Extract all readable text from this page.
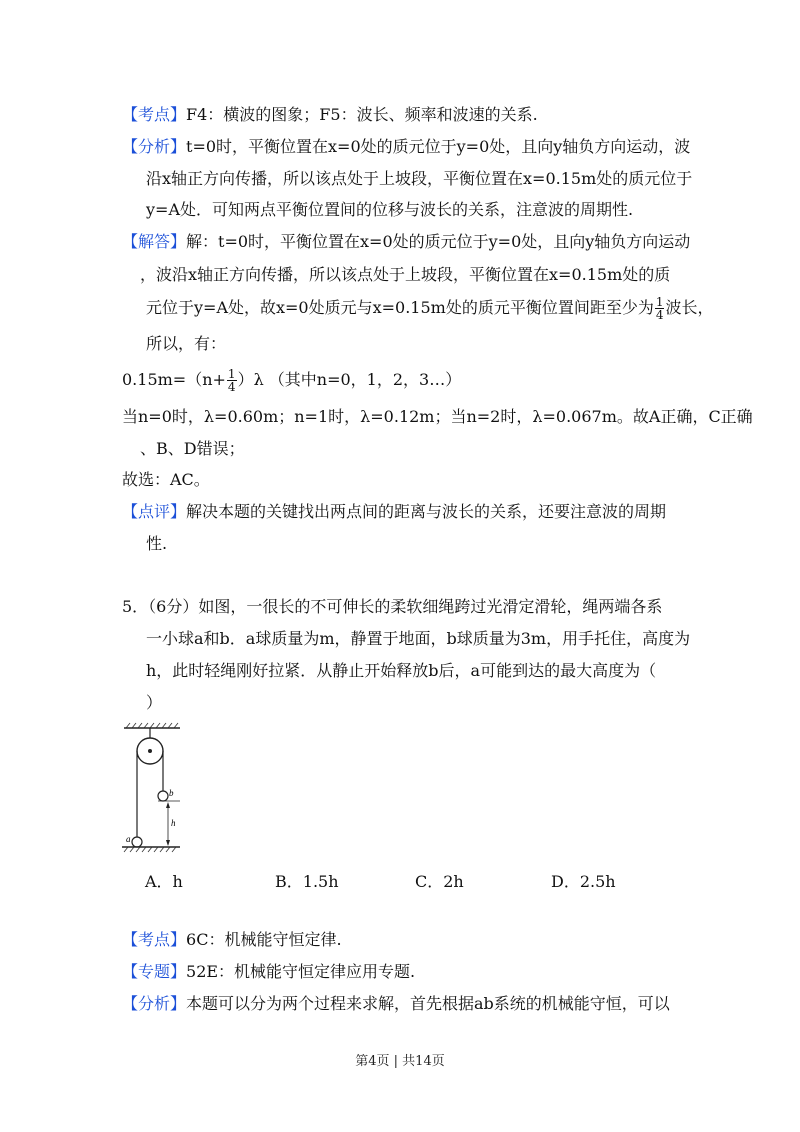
【考点】F4：横波的图象；F5：波长、频率和波速的关系.
【分析】t=0时，平衡位置在x=0处的质元位于y=0处，且向y轴负方向运动，波
沿x轴正方向传播，所以该点处于上坡段，平衡位置在x=0.15m处的质元位于
y=A处．可知两点平衡位置间的位移与波长的关系，注意波的周期性.
【解答】解：t=0时，平衡位置在x=0处的质元位于y=0处，且向y轴负方向运动
，波沿x轴正方向传播，所以该点处于上坡段，平衡位置在x=0.15m处的质
元位于y=A处，故x=0处质元与x=0.15m处的质元平衡位置间距至少为 $\frac{1}{4}$ 波长，
所以，有：
$0.15m=(n+ \frac{1}{4} )\lambda$ （其中n=0，1，2，3…）
当n=0时，λ=0.60m；n=1时，λ=0.12m；当n=2时，λ=0.067m。故A正确，C正确
、B、D错误；
故选：AC。
【点评】解决本题的关键找出两点间的距离与波长的关系，还要注意波的周期
性.
5．（6分）如图，一很长的不可伸长的柔软细绳跨过光滑定滑轮，绳两端各系
一小球a和b．a球质量为m，静置于地面，b球质量为3m，用手托住，高度为
h，此时轻绳刚好拉紧．从静止开始释放b后，a可能到达的最大高度为（
）
a
b
h
A．h	B．1.5h	C．2h	D．2.5h
【考点】6C：机械能守恒定律.
【专题】52E：机械能守恒定律应用专题.
【分析】本题可以分为两个过程来求解，首先根据ab系统的机械能守恒，可以
第4页 | 共14页
